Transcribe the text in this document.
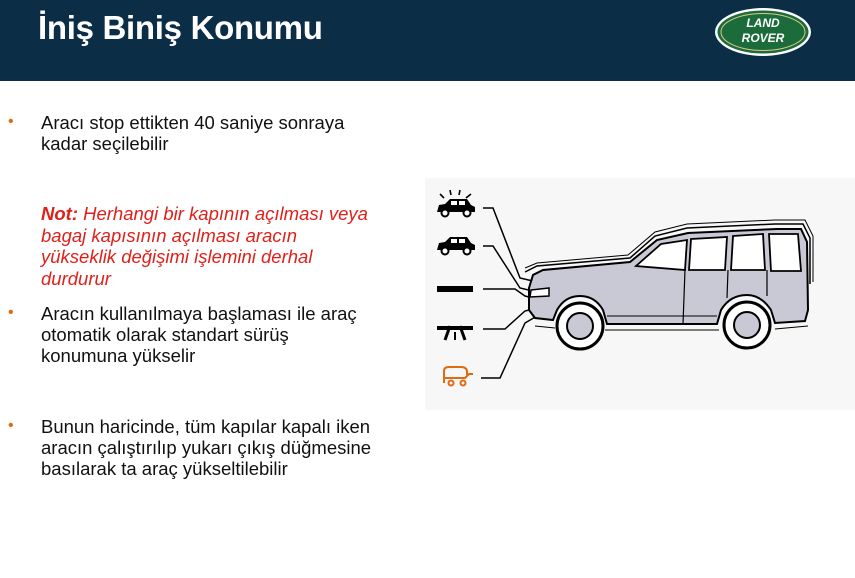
İniş Biniş Konumu	LAND
ROVER
• Aracı stop ettikten 40 saniye sonraya
kadar seçilebilir
Not: Herhangi bir kapının açılması veya
bagaj kapısının açılması aracın
yükseklik değişimi işlemini derhal
durdurur
• Aracın kullanılmaya başlaması ile araç
otomatik olarak standart sürüş
konumuna yükselir
• Bunun haricinde, tüm kapılar kapalı iken
aracın çalıştırılıp yukarı çıkış düğmesine
basılarak ta araç yükseltilebilir
